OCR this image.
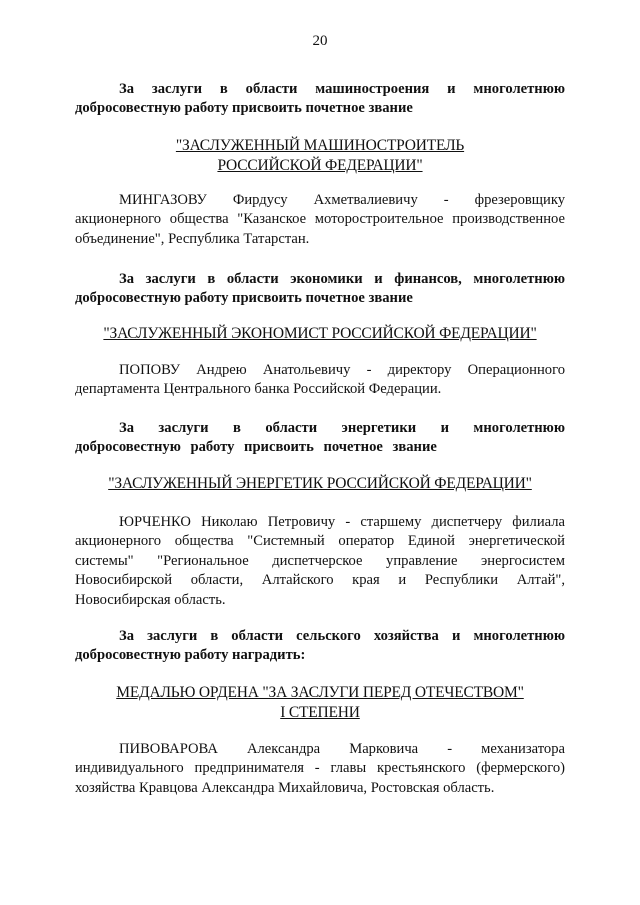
20
За заслуги в области машиностроения и многолетнюю добросовестную работу присвоить почетное звание
"ЗАСЛУЖЕННЫЙ МАШИНОСТРОИТЕЛЬ
РОССИЙСКОЙ ФЕДЕРАЦИИ"
МИНГАЗОВУ Фирдусу Ахметвалиевичу - фрезеровщику акционерного общества "Казанское моторостроительное производственное объединение", Республика Татарстан.
За заслуги в области экономики и финансов, многолетнюю добросовестную работу присвоить почетное звание
"ЗАСЛУЖЕННЫЙ ЭКОНОМИСТ РОССИЙСКОЙ ФЕДЕРАЦИИ"
ПОПОВУ Андрею Анатольевичу - директору Операционного департамента Центрального банка Российской Федерации.
За заслуги в области энергетики и многолетнюю добросовестную работу присвоить почетное звание
"ЗАСЛУЖЕННЫЙ ЭНЕРГЕТИК РОССИЙСКОЙ ФЕДЕРАЦИИ"
ЮРЧЕНКО Николаю Петровичу - старшему диспетчеру филиала акционерного общества "Системный оператор Единой энергетической системы" "Региональное диспетчерское управление энергосистем Новосибирской области, Алтайского края и Республики Алтай", Новосибирская область.
За заслуги в области сельского хозяйства и многолетнюю добросовестную работу наградить:
МЕДАЛЬЮ ОРДЕНА "ЗА ЗАСЛУГИ ПЕРЕД ОТЕЧЕСТВОМ"
I СТЕПЕНИ
ПИВОВАРОВА Александра Марковича - механизатора индивидуального предпринимателя - главы крестьянского (фермерского) хозяйства Кравцова Александра Михайловича, Ростовская область.
